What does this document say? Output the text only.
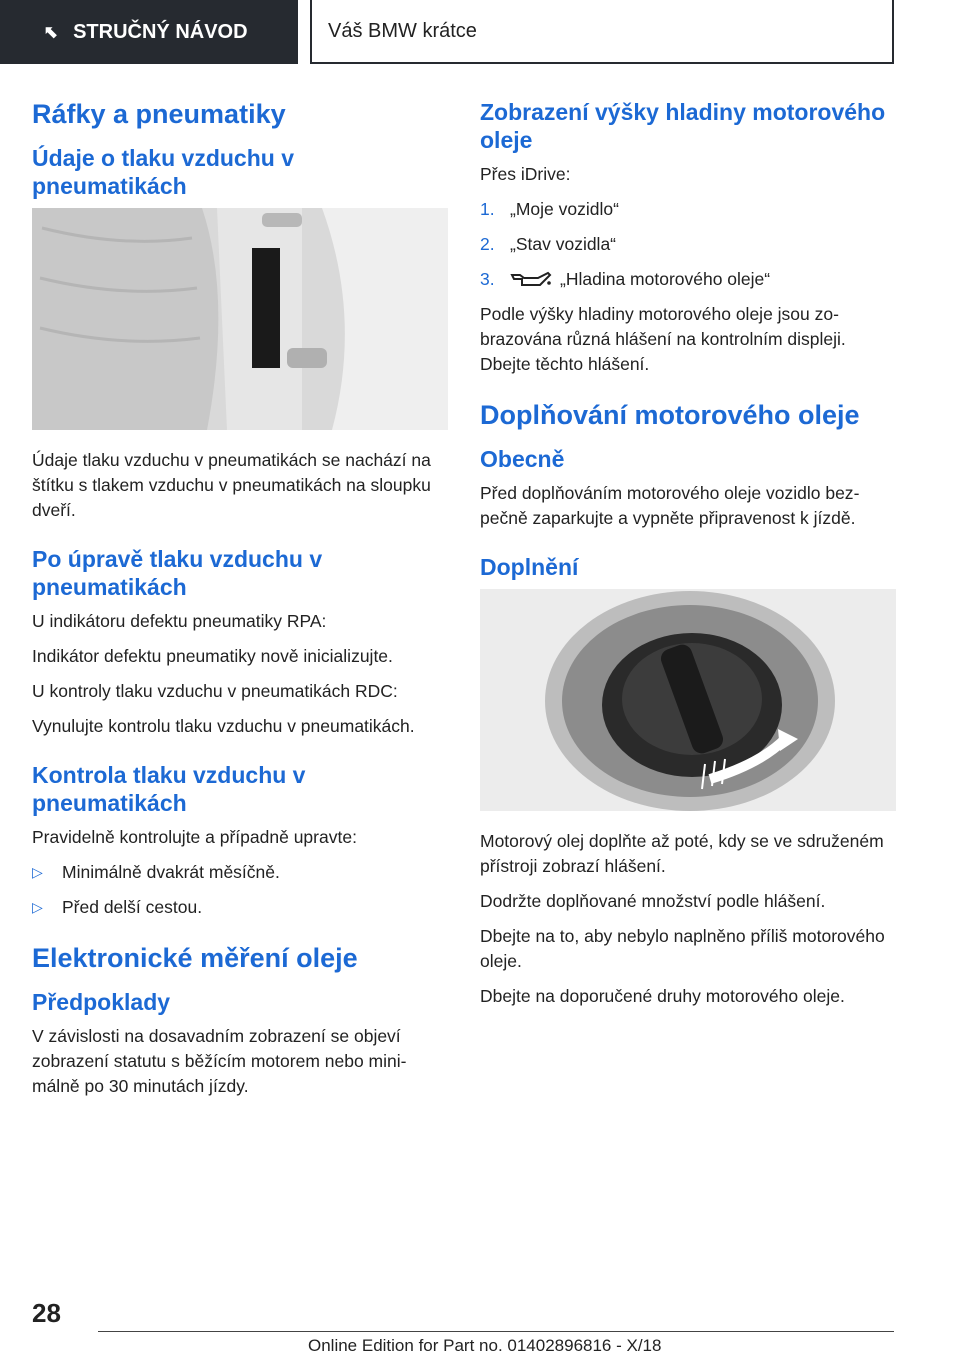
⬉ STRUČNÝ NÁVOD	Váš BMW krátce
Ráfky a pneumatiky
Údaje o tlaku vzduchu v pneumatikách

Údaje tlaku vzduchu v pneumatikách se nachází na štítku s tlakem vzduchu v pneumatikách na sloupku dveří.

Po úpravě tlaku vzduchu v pneumatikách

U indikátoru defektu pneumatiky RPA:

Indikátor defektu pneumatiky nově inicializujte.

U kontroly tlaku vzduchu v pneumatikách RDC:

Vynulujte kontrolu tlaku vzduchu v pneumatikách.

Kontrola tlaku vzduchu v pneumatikách

Pravidelně kontrolujte a případně upravte:

▷	Minimálně dvakrát měsíčně.
▷	Před delší cestou.
Elektronické měření oleje
Předpoklady

V závislosti na dosavadním zobrazení se objeví zobrazení statutu s běžícím motorem nebo minimálně po 30 minutách jízdy.

Zobrazení výšky hladiny motorového oleje

Přes iDrive:

1. „Moje vozidlo“
2. „Stav vozidla“
3.	„Hladina motorového oleje“

Podle výšky hladiny motorového oleje jsou zobrazována různá hlášení na kontrolním displeji. Dbejte těchto hlášení.

Doplňování motorového oleje
Obecně

Před doplňováním motorového oleje vozidlo bezpečně zaparkujte a vypněte připravenost k jízdě.

Doplnění

Motorový olej doplňte až poté, kdy se ve sdruženém přístroji zobrazí hlášení.

Dodržte doplňované množství podle hlášení.

Dbejte na to, aby nebylo naplněno příliš motorového oleje.

Dbejte na doporučené druhy motorového oleje.

28
Online Edition for Part no. 01402896816 - X/18
